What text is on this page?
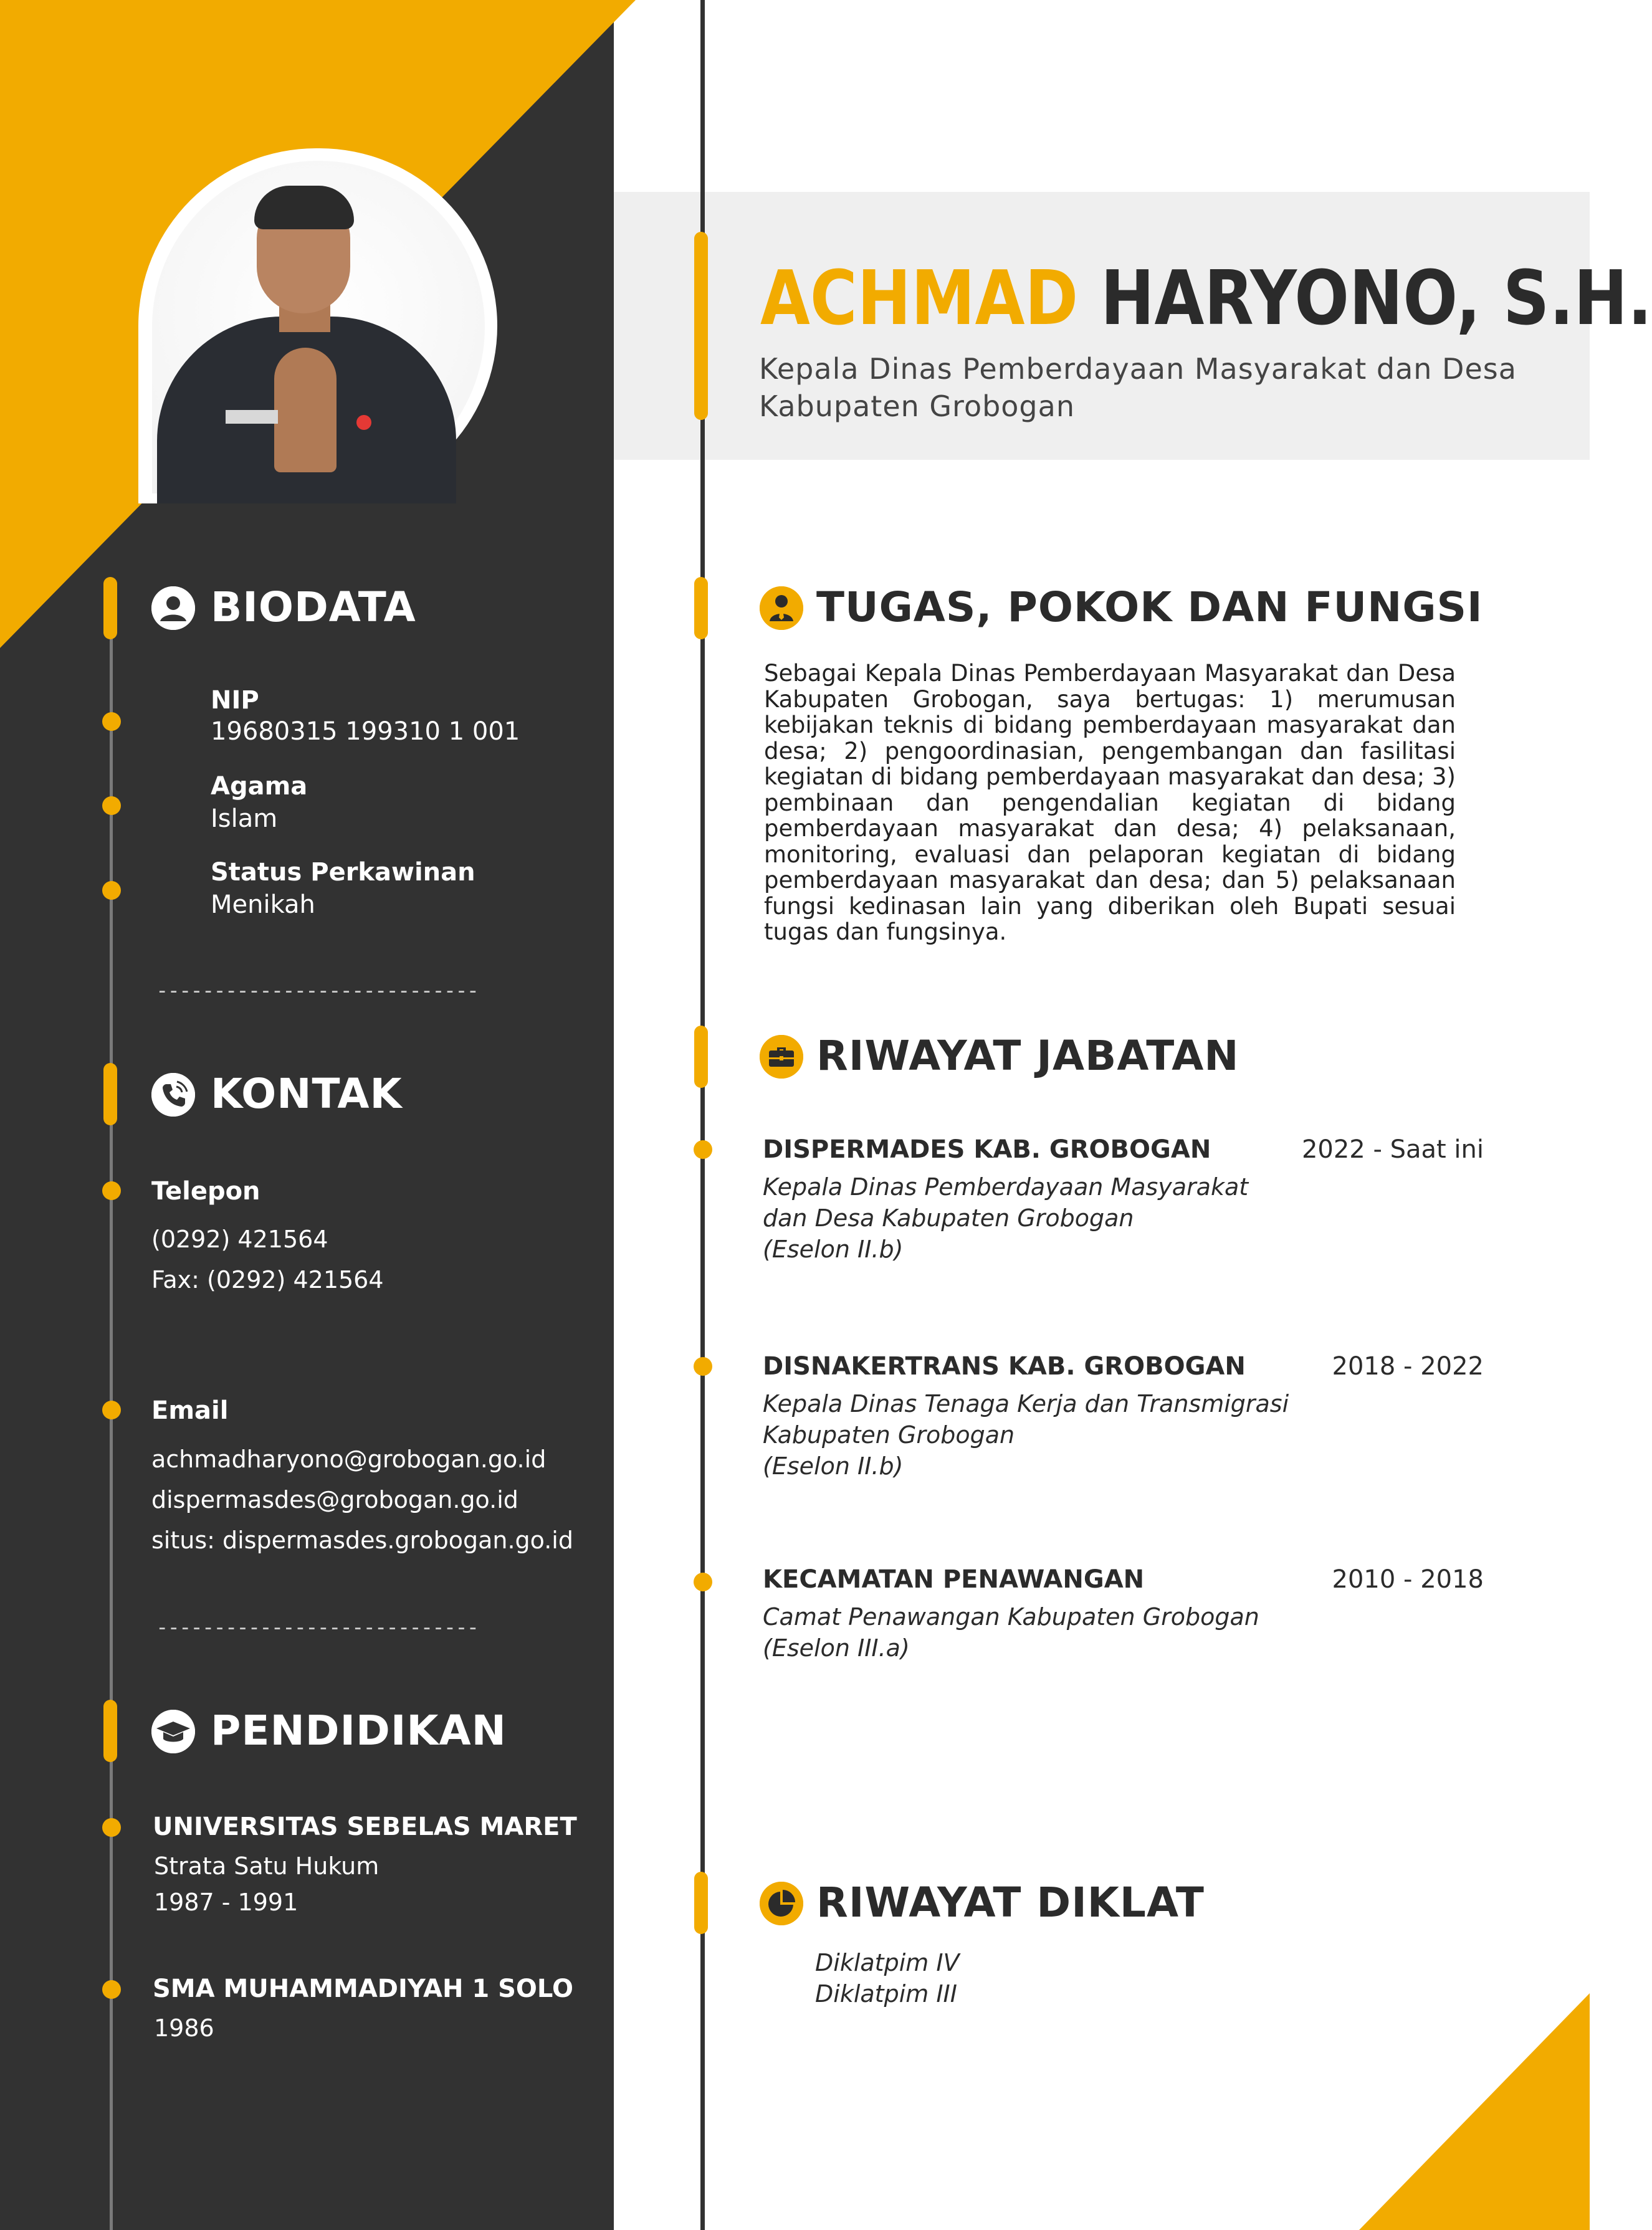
ACHMAD HARYONO, S.H.
Kepala Dinas Pemberdayaan Masyarakat dan Desa Kabupaten Grobogan
BIODATA
NIP
19680315 199310 1 001
Agama
Islam
Status Perkawinan
Menikah
----------------------------
KONTAK
Telepon
(0292) 421564
Fax: (0292) 421564
Email
achmadharyono@grobogan.go.id
dispermasdes@grobogan.go.id
situs: dispermasdes.grobogan.go.id
----------------------------
PENDIDIKAN
UNIVERSITAS SEBELAS MARET
Strata Satu Hukum
1987 - 1991
SMA MUHAMMADIYAH 1 SOLO
1986
TUGAS, POKOK DAN FUNGSI
Sebagai Kepala Dinas Pemberdayaan Masyarakat dan Desa Kabupaten Grobogan, saya bertugas: 1) merumusan kebijakan teknis di bidang pemberdayaan masyarakat dan desa; 2) pengoordinasian, pengembangan dan fasilitasi kegiatan di bidang pemberdayaan masyarakat dan desa; 3) pembinaan dan pengendalian kegiatan di bidang pemberdayaan masyarakat dan desa; 4) pelaksanaan, monitoring, evaluasi dan pelaporan kegiatan di bidang pemberdayaan masyarakat dan desa; dan 5) pelaksanaan fungsi kedinasan lain yang diberikan oleh Bupati sesuai tugas dan fungsinya.
RIWAYAT JABATAN
DISPERMADES KAB. GROBOGAN	2022 - Saat ini
Kepala Dinas Pemberdayaan Masyarakat
dan Desa Kabupaten Grobogan
(Eselon II.b)
DISNAKERTRANS KAB. GROBOGAN	2018 - 2022
Kepala Dinas Tenaga Kerja dan Transmigrasi
Kabupaten Grobogan
(Eselon II.b)
KECAMATAN PENAWANGAN	2010 - 2018
Camat Penawangan Kabupaten Grobogan
(Eselon III.a)
RIWAYAT DIKLAT
Diklatpim IV
Diklatpim III
